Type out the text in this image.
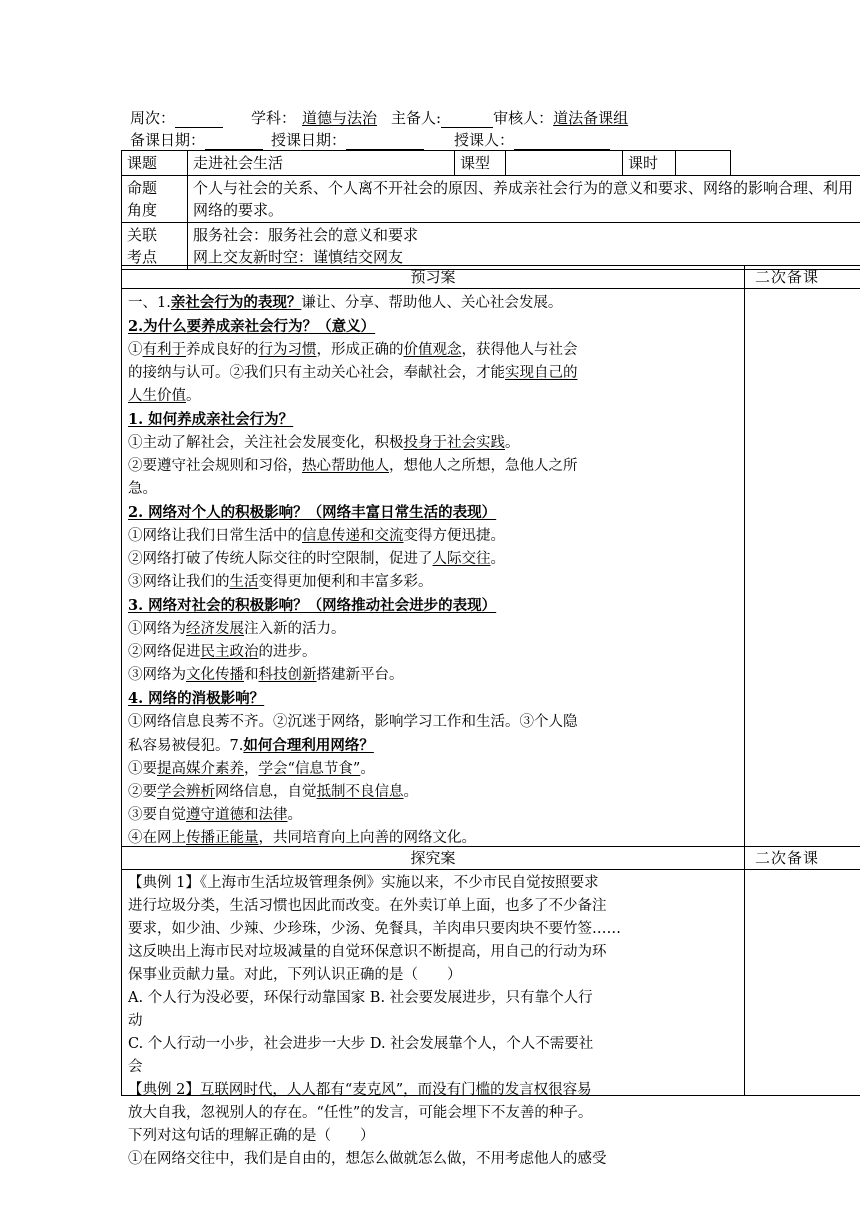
周次：	学科： 道德与法治 主备人:	审核人：道法备课组
备课日期：	授课日期：	授课人：
课题	走进社会生活	课型		课时		
命题
角度	个人与社会的关系、个人离不开社会的原因、养成亲社会行为的意义和要求、网络的影响合理、利用网络的要求。					
关联
考点	服务社会：服务社会的意义和要求
网上交友新时空：谨慎结交网友					
预习案	二次备课

一、1.亲社会行为的表现？谦让、分享、帮助他人、关心社会发展。

2.为什么要养成亲社会行为？（意义）

①有利于养成良好的行为习惯，形成正确的价值观念，获得他人与社会

的接纳与认可。②我们只有主动关心社会，奉献社会，才能实现自己的

人生价值。

1. 如何养成亲社会行为？

①主动了解社会，关注社会发展变化，积极投身于社会实践。

②要遵守社会规则和习俗，热心帮助他人，想他人之所想，急他人之所

急。

2. 网络对个人的积极影响？（网络丰富日常生活的表现）

①网络让我们日常生活中的信息传递和交流变得方便迅捷。

②网络打破了传统人际交往的时空限制，促进了人际交往。

③网络让我们的生活变得更加便利和丰富多彩。

3. 网络对社会的积极影响？（网络推动社会进步的表现）

①网络为经济发展注入新的活力。

②网络促进民主政治的进步。

③网络为文化传播和科技创新搭建新平台。

4. 网络的消极影响？

①网络信息良莠不齐。②沉迷于网络，影响学习工作和生活。③个人隐

私容易被侵犯。7.如何合理利用网络？

①要提高媒介素养，学会“信息节食”。

②要学会辨析网络信息，自觉抵制不良信息。

③要自觉遵守道德和法律。

④在网上传播正能量，共同培育向上向善的网络文化。

探究案	二次备课

【典例 1】《上海市生活垃圾管理条例》实施以来，不少市民自觉按照要求

进行垃圾分类，生活习惯也因此而改变。在外卖订单上面，也多了不少备注

要求，如少油、少辣、少珍珠，少汤、免餐具，羊肉串只要肉块不要竹签……

这反映出上海市民对垃圾减量的自觉环保意识不断提高，用自己的行动为环

保事业贡献力量。对此，下列认识正确的是（　　）

A. 个人行为没必要，环保行动靠国家 B. 社会要发展进步，只有靠个人行

动

C. 个人行动一小步，社会进步一大步 D. 社会发展靠个人，个人不需要社

会

【典例 2】互联网时代，人人都有“麦克风”，而没有门槛的发言权很容易

放大自我，忽视别人的存在。“任性”的发言，可能会埋下不友善的种子。

下列对这句话的理解正确的是（　　）

①在网络交往中，我们是自由的，想怎么做就怎么做，不用考虑他人的感受
